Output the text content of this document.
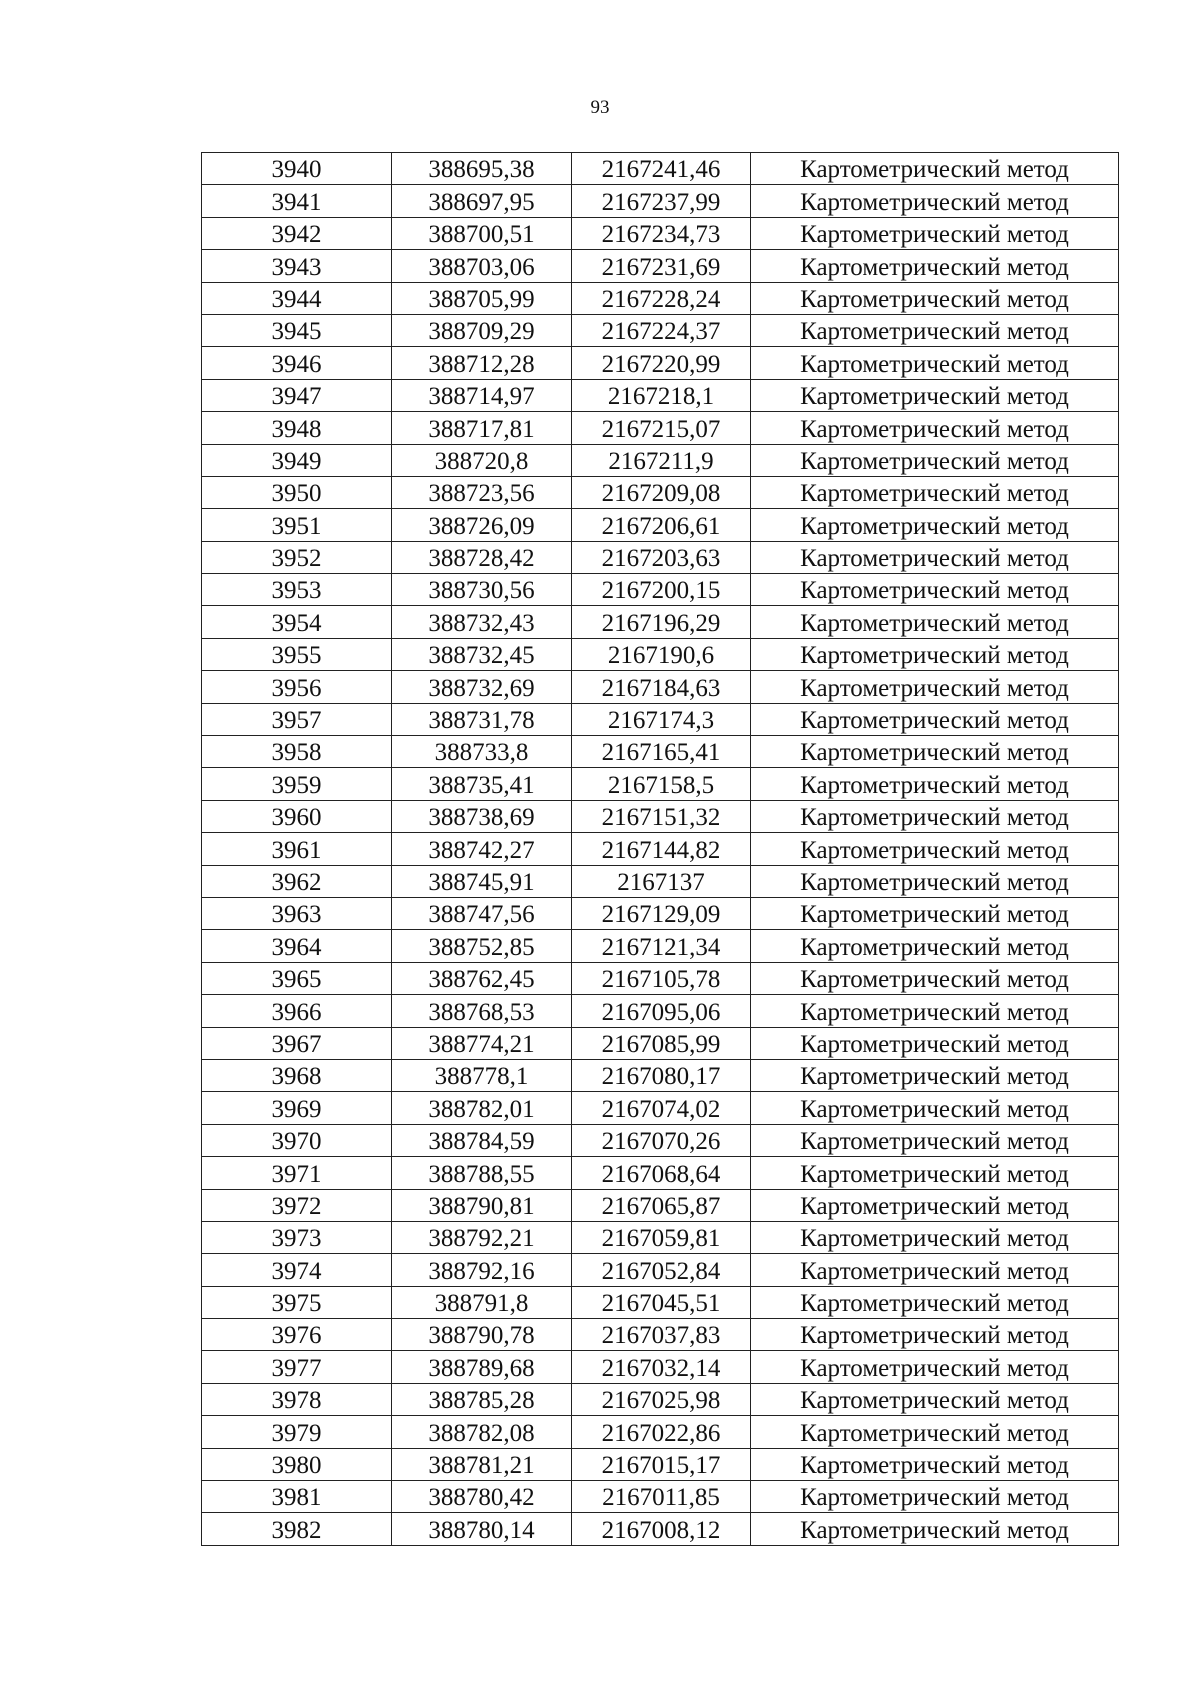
93
3940	388695,38	2167241,46	Картометрический метод
3941	388697,95	2167237,99	Картометрический метод
3942	388700,51	2167234,73	Картометрический метод
3943	388703,06	2167231,69	Картометрический метод
3944	388705,99	2167228,24	Картометрический метод
3945	388709,29	2167224,37	Картометрический метод
3946	388712,28	2167220,99	Картометрический метод
3947	388714,97	2167218,1	Картометрический метод
3948	388717,81	2167215,07	Картометрический метод
3949	388720,8	2167211,9	Картометрический метод
3950	388723,56	2167209,08	Картометрический метод
3951	388726,09	2167206,61	Картометрический метод
3952	388728,42	2167203,63	Картометрический метод
3953	388730,56	2167200,15	Картометрический метод
3954	388732,43	2167196,29	Картометрический метод
3955	388732,45	2167190,6	Картометрический метод
3956	388732,69	2167184,63	Картометрический метод
3957	388731,78	2167174,3	Картометрический метод
3958	388733,8	2167165,41	Картометрический метод
3959	388735,41	2167158,5	Картометрический метод
3960	388738,69	2167151,32	Картометрический метод
3961	388742,27	2167144,82	Картометрический метод
3962	388745,91	2167137	Картометрический метод
3963	388747,56	2167129,09	Картометрический метод
3964	388752,85	2167121,34	Картометрический метод
3965	388762,45	2167105,78	Картометрический метод
3966	388768,53	2167095,06	Картометрический метод
3967	388774,21	2167085,99	Картометрический метод
3968	388778,1	2167080,17	Картометрический метод
3969	388782,01	2167074,02	Картометрический метод
3970	388784,59	2167070,26	Картометрический метод
3971	388788,55	2167068,64	Картометрический метод
3972	388790,81	2167065,87	Картометрический метод
3973	388792,21	2167059,81	Картометрический метод
3974	388792,16	2167052,84	Картометрический метод
3975	388791,8	2167045,51	Картометрический метод
3976	388790,78	2167037,83	Картометрический метод
3977	388789,68	2167032,14	Картометрический метод
3978	388785,28	2167025,98	Картометрический метод
3979	388782,08	2167022,86	Картометрический метод
3980	388781,21	2167015,17	Картометрический метод
3981	388780,42	2167011,85	Картометрический метод
3982	388780,14	2167008,12	Картометрический метод
